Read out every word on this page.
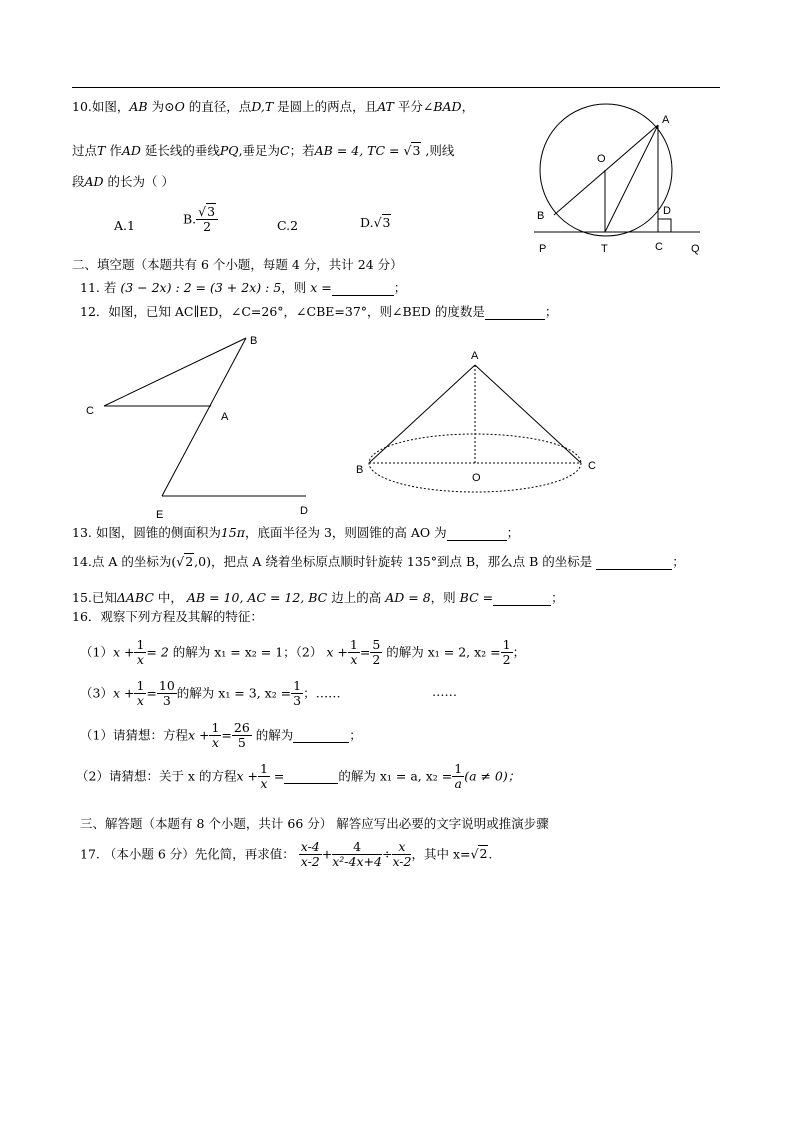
10.如图，AB 为⊙O 的直径，点D,T 是圆上的两点，且AT 平分∠BAD，
过点T 作AD 延长线的垂线PQ,垂足为C；若AB = 4, TC = √3 ,则线
段AD 的长为（ ）
A.1	B. $\frac{√3}{2}$	C.2	D.√3
A
O
B	D
P	T	C	Q
二、填空题（本题共有 6 个小题，每题 4 分，共计 24 分）
11. 若 (3 − 2x) : 2 = (3 + 2x) : 5，则 x =	；
12．如图，已知 AC∥ED，∠C=26°，∠CBE=37°，则∠BED 的度数是	；
B
C	A
E	D
A
B
O
C
13. 如图，圆锥的侧面积为15π，底面半径为 3，则圆锥的高 AO 为	；
14.点 A 的坐标为(√2,0)，把点 A 绕着坐标原点顺时针旋转 135°到点 B，那么点 B 的坐标是	；
15.已知ΔABC 中， AB = 10, AC = 12, BC 边上的高 AD = 8，则 BC =	；
16．观察下列方程及其解的特征：
$(1)x + \frac{1}{x}= 2$ 的解为 x₁ = x₂ = 1；（2） $x + \frac{1}{x}= \frac{5}{2}$ 的解为 x₁ = 2, $x_2 = \frac{1}{2}$ ；
$(3)x + \frac{1}{x}= \frac{10}{3}$ 的解为 x₁ = 3, $x_2 = \frac{1}{3}$ ；……	……
（1）请猜想：方程$x + \frac{1}{x}= \frac{26}{5}$ 的解为	；
（2）请猜想：关于 x 的方程$x + \frac{1}{x}$ =	的解为 x₁ = a, $x_2 = \frac{1}{a}(a \ne 0)$；
三、解答题（本题有 8 个小题，共计 66 分） 解答应写出必要的文字说明或推演步骤
17. （本小题 6 分）先化简，再求值： $\frac{x-4}{x-2}+ \frac{4}{\text{x²-4x+4}}\div \frac{x}{x-2}$，其中 x=√2.
